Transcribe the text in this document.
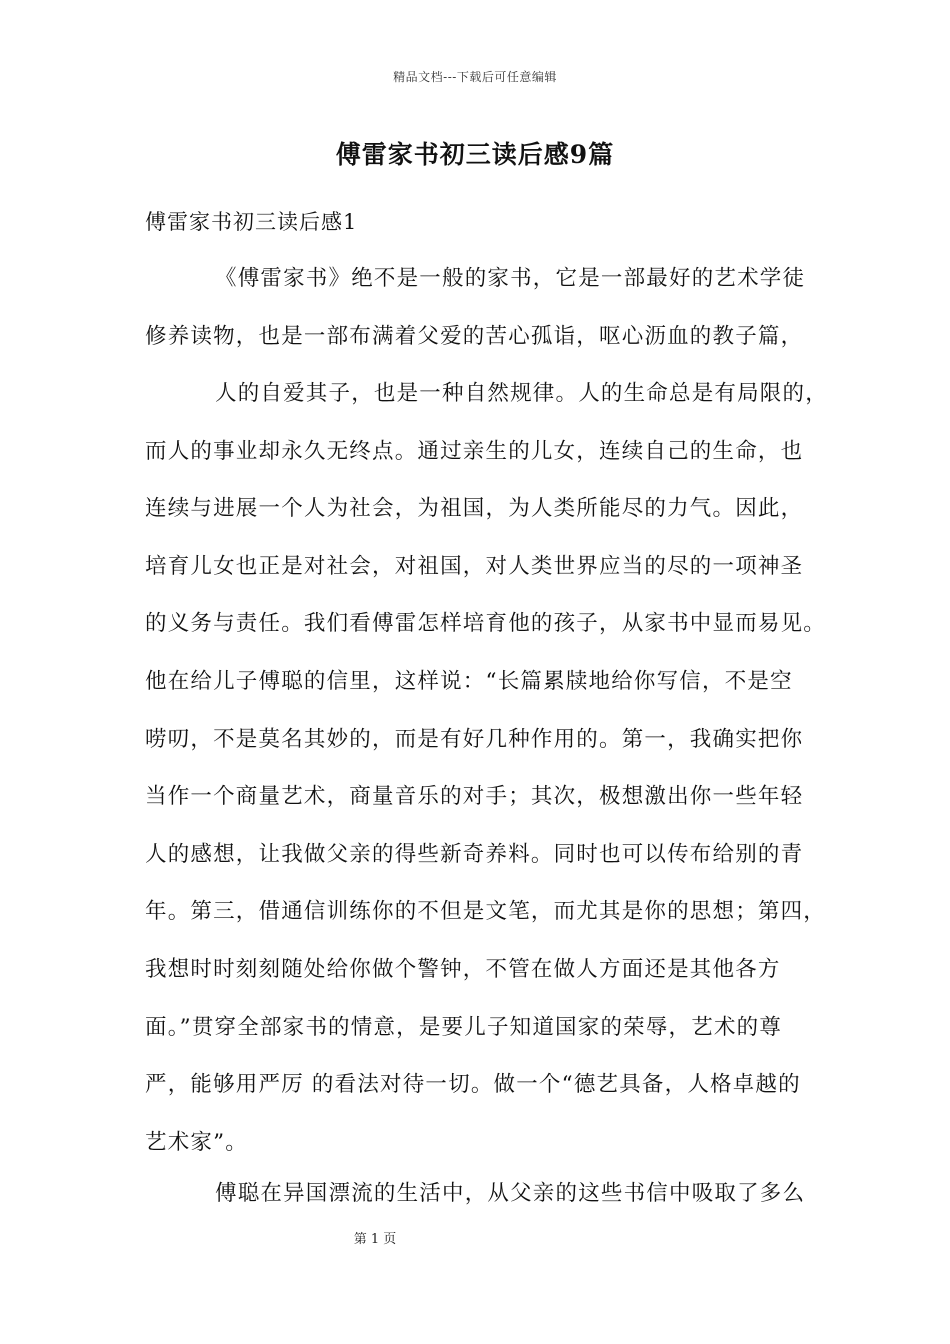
精品文档---下载后可任意编辑
傅雷家书初三读后感9篇
傅雷家书初三读后感1
《傅雷家书》绝不是一般的家书，它是一部最好的艺术学徒
修养读物，也是一部布满着父爱的苦心孤诣，呕心沥血的教子篇，
人的自爱其子，也是一种自然规律。人的生命总是有局限的，
而人的事业却永久无终点。通过亲生的儿女，连续自己的生命，也
连续与进展一个人为社会，为祖国，为人类所能尽的力气。因此，
培育儿女也正是对社会，对祖国，对人类世界应当的尽的一项神圣
的义务与责任。我们看傅雷怎样培育他的孩子，从家书中显而易见。
他在给儿子傅聪的信里，这样说：“长篇累牍地给你写信，不是空
唠叨，不是莫名其妙的，而是有好几种作用的。第一，我确实把你
当作一个商量艺术，商量音乐的对手；其次，极想激出你一些年轻
人的感想，让我做父亲的得些新奇养料。同时也可以传布给别的青
年。第三，借通信训练你的不但是文笔，而尤其是你的思想；第四，
我想时时刻刻随处给你做个警钟，不管在做人方面还是其他各方
面。”贯穿全部家书的情意，是要儿子知道国家的荣辱，艺术的尊
严，能够用严厉 的看法对待一切。做一个“德艺具备，人格卓越的
艺术家”。
傅聪在异国漂流的生活中，从父亲的这些书信中吸取了多么
第 1 页
